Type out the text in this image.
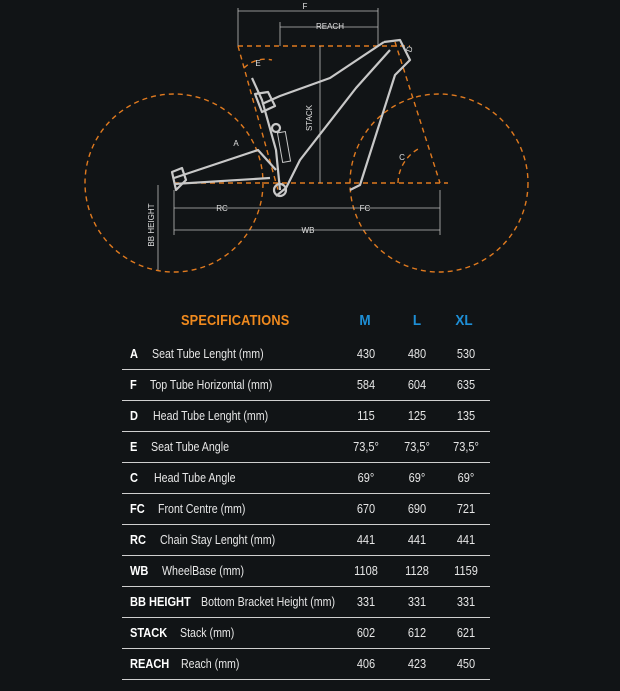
F
REACH
STACK
BB HEIGHT	RC	FC
WB
A
E
D
C
SPECIFICATIONS	M	L	XL
A Seat Tube Lenght (mm)	430	480	530
F Top Tube Horizontal (mm)	584	604	635
D Head Tube Lenght (mm)	115	125	135
E Seat Tube Angle	73,5°	73,5°	73,5°
C Head Tube Angle	69°	69°	69°
FC Front Centre (mm)	670	690	721
RC Chain Stay Lenght (mm)	441	441	441
WB WheelBase (mm)	1108	1128	1159
BB HEIGHT Bottom Bracket Height (mm)	331	331	331
STACK Stack (mm)	602	612	621
REACH Reach (mm)	406	423	450
